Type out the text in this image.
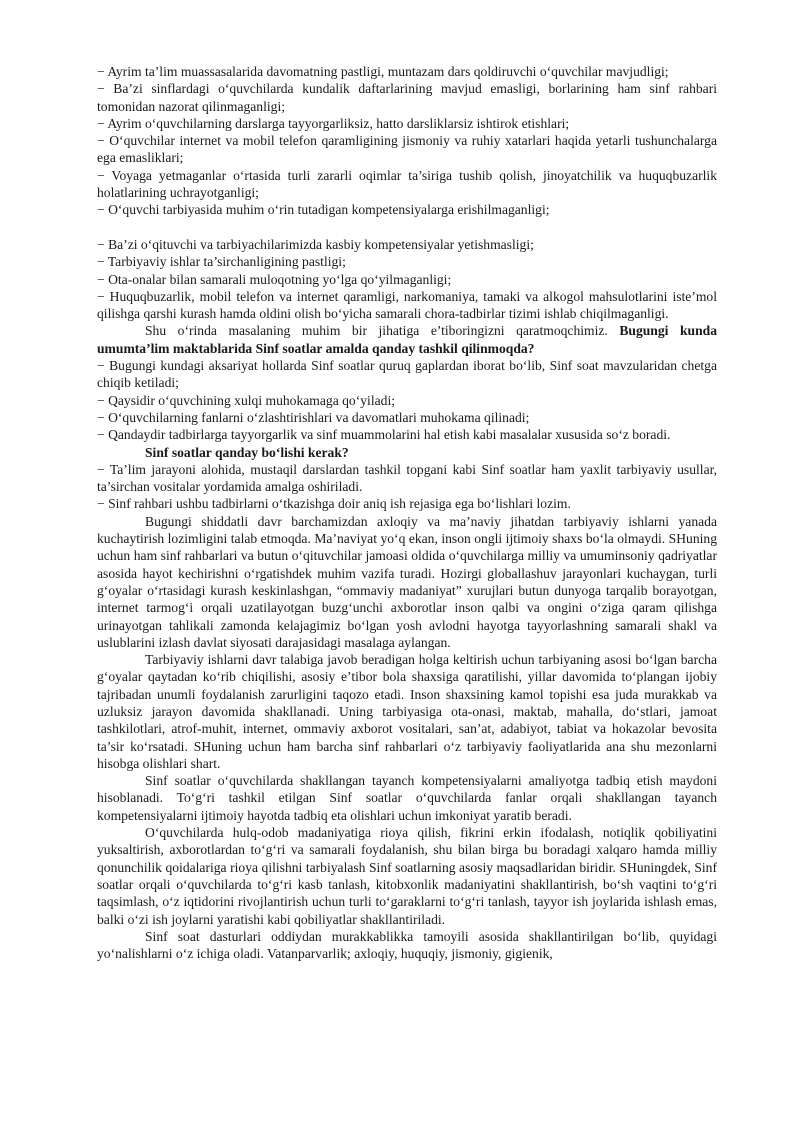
− Ayrim ta’lim muassasalarida davomatning pastligi, muntazam dars qoldiruvchi o‘quvchilar mavjudligi;

− Ba’zi sinflardagi o‘quvchilarda kundalik daftarlarining mavjud emasligi, borlarining ham sinf rahbari tomonidan nazorat qilinmaganligi;

− Ayrim o‘quvchilarning darslarga tayyorgarliksiz, hatto darsliklarsiz ishtirok etishlari;

− O‘quvchilar internet va mobil telefon qaramligining jismoniy va ruhiy xatarlari haqida yetarli tushunchalarga ega emasliklari;

− Voyaga yetmaganlar o‘rtasida turli zararli oqimlar ta’siriga tushib qolish, jinoyatchilik va huquqbuzarlik holatlarining uchrayotganligi;

− O‘quvchi tarbiyasida muhim o‘rin tutadigan kompetensiyalarga erishilmaganligi;

− Ba’zi o‘qituvchi va tarbiyachilarimizda kasbiy kompetensiyalar yetishmasligi;

− Tarbiyaviy ishlar ta’sirchanligining pastligi;

− Ota-onalar bilan samarali muloqotning yo‘lga qo‘yilmaganligi;

− Huquqbuzarlik, mobil telefon va internet qaramligi, narkomaniya, tamaki va alkogol mahsulotlarini iste’mol qilishga qarshi kurash hamda oldini olish bo‘yicha samarali chora-tadbirlar tizimi ishlab chiqilmaganligi.

Shu o‘rinda masalaning muhim bir jihatiga e’tiboringizni qaratmoqchimiz. Bugungi kunda umumta’lim maktablarida Sinf soatlar amalda qanday tashkil qilinmoqda?

− Bugungi kundagi aksariyat hollarda Sinf soatlar quruq gaplardan iborat bo‘lib, Sinf soat mavzularidan chetga chiqib ketiladi;

− Qaysidir o‘quvchining xulqi muhokamaga qo‘yiladi;

− O‘quvchilarning fanlarni o‘zlashtirishlari va davomatlari muhokama qilinadi;

− Qandaydir tadbirlarga tayyorgarlik va sinf muammolarini hal etish kabi masalalar xususida so‘z boradi.

Sinf soatlar qanday bo‘lishi kerak?

− Ta’lim jarayoni alohida, mustaqil darslardan tashkil topgani kabi Sinf soatlar ham yaxlit tarbiyaviy usullar, ta’sirchan vositalar yordamida amalga oshiriladi.

− Sinf rahbari ushbu tadbirlarni o‘tkazishga doir aniq ish rejasiga ega bo‘lishlari lozim.

Bugungi shiddatli davr barchamizdan axloqiy va ma’naviy jihatdan tarbiyaviy ishlarni yanada kuchaytirish lozimligini talab etmoqda. Ma’naviyat yo‘q ekan, inson ongli ijtimoiy shaxs bo‘la olmaydi. SHuning uchun ham sinf rahbarlari va butun o‘qituvchilar jamoasi oldida o‘quvchilarga milliy va umuminsoniy qadriyatlar asosida hayot kechirishni o‘rgatishdek muhim vazifa turadi. Hozirgi globallashuv jarayonlari kuchaygan, turli g‘oyalar o‘rtasidagi kurash keskinlashgan, “ommaviy madaniyat” xurujlari butun dunyoga tarqalib borayotgan, internet tarmog‘i orqali uzatilayotgan buzg‘unchi axborotlar inson qalbi va ongini o‘ziga qaram qilishga urinayotgan tahlikali zamonda kelajagimiz bo‘lgan yosh avlodni hayotga tayyorlashning samarali shakl va uslublarini izlash davlat siyosati darajasidagi masalaga aylangan.

Tarbiyaviy ishlarni davr talabiga javob beradigan holga keltirish uchun tarbiyaning asosi bo‘lgan barcha g‘oyalar qaytadan ko‘rib chiqilishi, asosiy e’tibor bola shaxsiga qaratilishi, yillar davomida to‘plangan ijobiy tajribadan unumli foydalanish zarurligini taqozo etadi. Inson shaxsining kamol topishi esa juda murakkab va uzluksiz jarayon davomida shakllanadi. Uning tarbiyasiga ota-onasi, maktab, mahalla, do‘stlari, jamoat tashkilotlari, atrof-muhit, internet, ommaviy axborot vositalari, san’at, adabiyot, tabiat va hokazolar bevosita ta’sir ko‘rsatadi. SHuning uchun ham barcha sinf rahbarlari o‘z tarbiyaviy faoliyatlarida ana shu mezonlarni hisobga olishlari shart.

Sinf soatlar o‘quvchilarda shakllangan tayanch kompetensiyalarni amaliyotga tadbiq etish maydoni hisoblanadi. To‘g‘ri tashkil etilgan Sinf soatlar o‘quvchilarda fanlar orqali shakllangan tayanch kompetensiyalarni ijtimoiy hayotda tadbiq eta olishlari uchun imkoniyat yaratib beradi.

O‘quvchilarda hulq-odob madaniyatiga rioya qilish, fikrini erkin ifodalash, notiqlik qobiliyatini yuksaltirish, axborotlardan to‘g‘ri va samarali foydalanish, shu bilan birga bu boradagi xalqaro hamda milliy qonunchilik qoidalariga rioya qilishni tarbiyalash Sinf soatlarning asosiy maqsadlaridan biridir. SHuningdek, Sinf soatlar orqali o‘quvchilarda to‘g‘ri kasb tanlash, kitobxonlik madaniyatini shakllantirish, bo‘sh vaqtini to‘g‘ri taqsimlash, o‘z iqtidorini rivojlantirish uchun turli to‘garaklarni to‘g‘ri tanlash, tayyor ish joylarida ishlash emas, balki o‘zi ish joylarni yaratishi kabi qobiliyatlar shakllantiriladi.

Sinf soat dasturlari oddiydan murakkablikka tamoyili asosida shakllantirilgan bo‘lib, quyidagi yo‘nalishlarni o‘z ichiga oladi. Vatanparvarlik; axloqiy, huquqiy, jismoniy, gigienik,
